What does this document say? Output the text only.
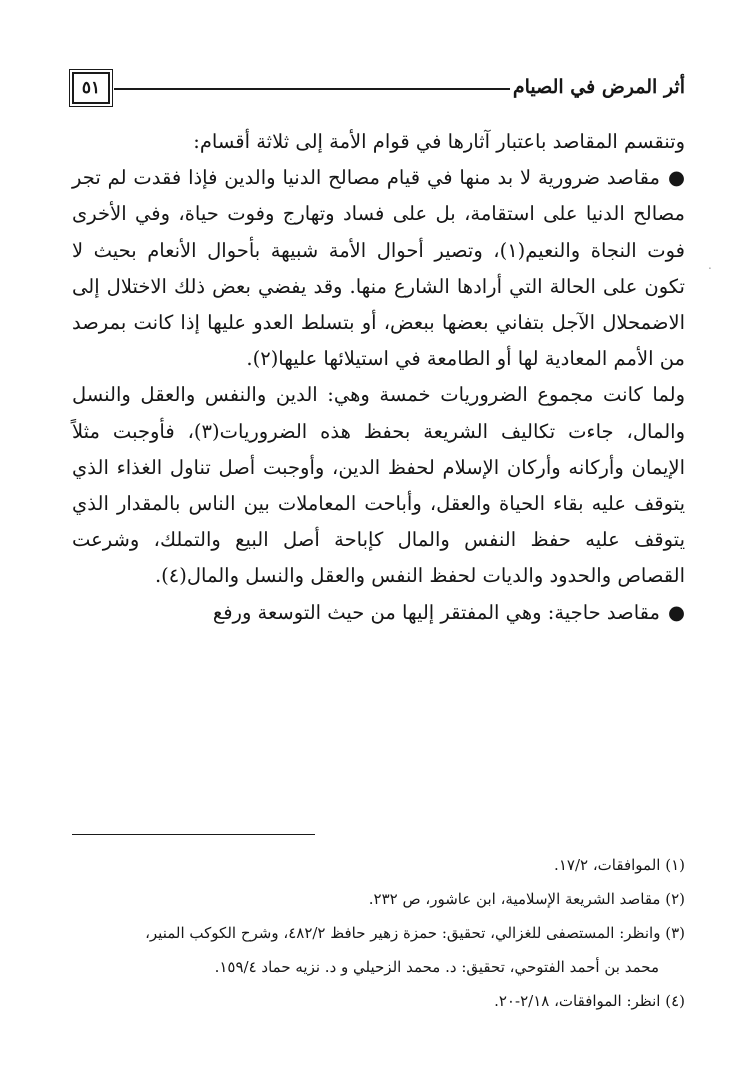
أثر المرض في الصيام
٥١
.

وتنقسم المقاصد باعتبار آثارها في قوام الأمة إلى ثلاثة أقسام:

●مقاصد ضرورية لا بد منها في قيام مصالح الدنيا والدين فإذا فقدت لم تجر مصالح الدنيا على استقامة، بل على فساد وتهارج وفوت حياة، وفي الأخرى فوت النجاة والنعيم(١)، وتصير أحوال الأمة شبيهة بأحوال الأنعام بحيث لا تكون على الحالة التي أرادها الشارع منها. وقد يفضي بعض ذلك الاختلال إلى الاضمحلال الآجل بتفاني بعضها ببعض، أو بتسلط العدو عليها إذا كانت بمرصد من الأمم المعادية لها أو الطامعة في استيلائها عليها(٢).

ولما كانت مجموع الضروريات خمسة وهي: الدين والنفس والعقل والنسل والمال، جاءت تكاليف الشريعة بحفظ هذه الضروريات(٣)، فأوجبت مثلاً الإيمان وأركانه وأركان الإسلام لحفظ الدين، وأوجبت أصل تناول الغذاء الذي يتوقف عليه بقاء الحياة والعقل، وأباحت المعاملات بين الناس بالمقدار الذي يتوقف عليه حفظ النفس والمال كإباحة أصل البيع والتملك، وشرعت القصاص والحدود والديات لحفظ النفس والعقل والنسل والمال(٤).

●مقاصد حاجية: وهي المفتقر إليها من حيث التوسعة ورفع

(١) الموافقات، ١٧/٢.

(٢) مقاصد الشريعة الإسلامية، ابن عاشور، ص ٢٣٢.

(٣) وانظر: المستصفى للغزالي، تحقيق: حمزة زهير حافظ ٤٨٢/٢، وشرح الكوكب المنير،

محمد بن أحمد الفتوحي، تحقيق: د. محمد الزحيلي و د. نزيه حماد ١٥٩/٤.

(٤) انظر: الموافقات، ٢/١٨-٢٠.
